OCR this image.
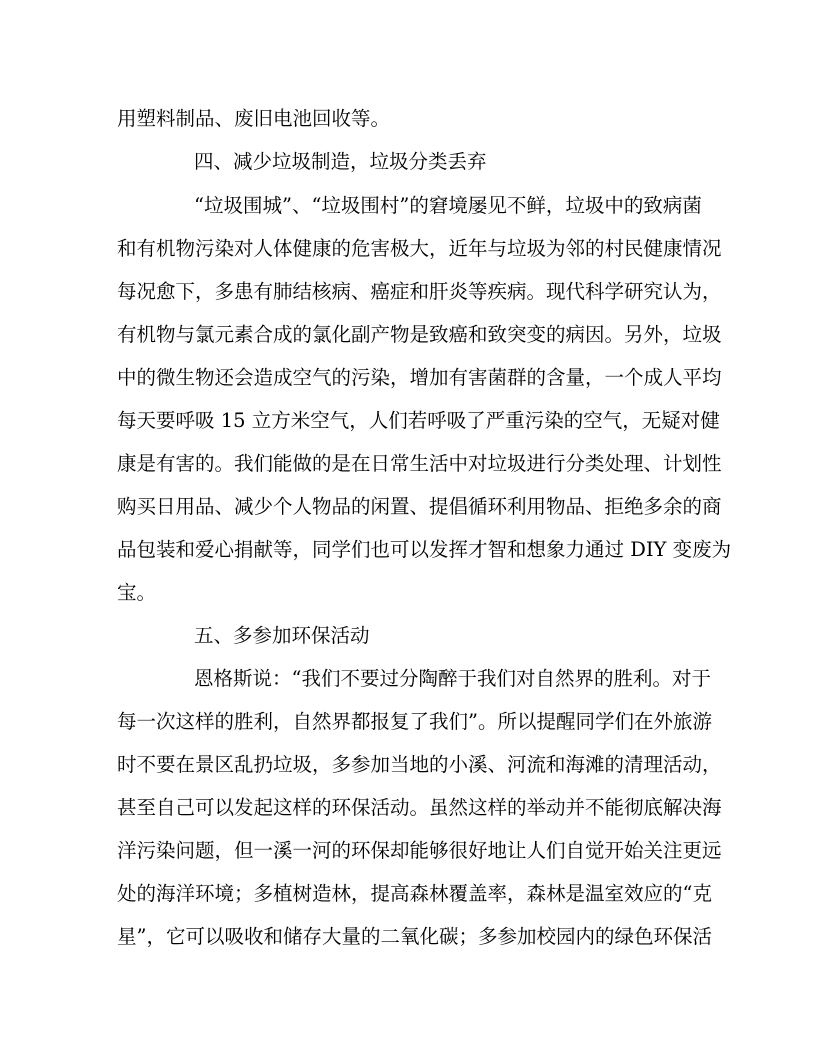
用塑料制品、废旧电池回收等。
四、减少垃圾制造，垃圾分类丢弃
“垃圾围城”、“垃圾围村”的窘境屡见不鲜，垃圾中的致病菌
和有机物污染对人体健康的危害极大，近年与垃圾为邻的村民健康情况
每况愈下，多患有肺结核病、癌症和肝炎等疾病。现代科学研究认为，
有机物与氯元素合成的氯化副产物是致癌和致突变的病因。另外，垃圾
中的微生物还会造成空气的污染，增加有害菌群的含量，一个成人平均
每天要呼吸 15 立方米空气，人们若呼吸了严重污染的空气，无疑对健
康是有害的。我们能做的是在日常生活中对垃圾进行分类处理、计划性
购买日用品、减少个人物品的闲置、提倡循环利用物品、拒绝多余的商
品包装和爱心捐献等，同学们也可以发挥才智和想象力通过 DIY 变废为
宝。
五、多参加环保活动
恩格斯说：“我们不要过分陶醉于我们对自然界的胜利。对于
每一次这样的胜利，自然界都报复了我们”。所以提醒同学们在外旅游
时不要在景区乱扔垃圾，多参加当地的小溪、河流和海滩的清理活动，
甚至自己可以发起这样的环保活动。虽然这样的举动并不能彻底解决海
洋污染问题，但一溪一河的环保却能够很好地让人们自觉开始关注更远
处的海洋环境；多植树造林，提高森林覆盖率，森林是温室效应的“克
星”，它可以吸收和储存大量的二氧化碳；多参加校园内的绿色环保活
